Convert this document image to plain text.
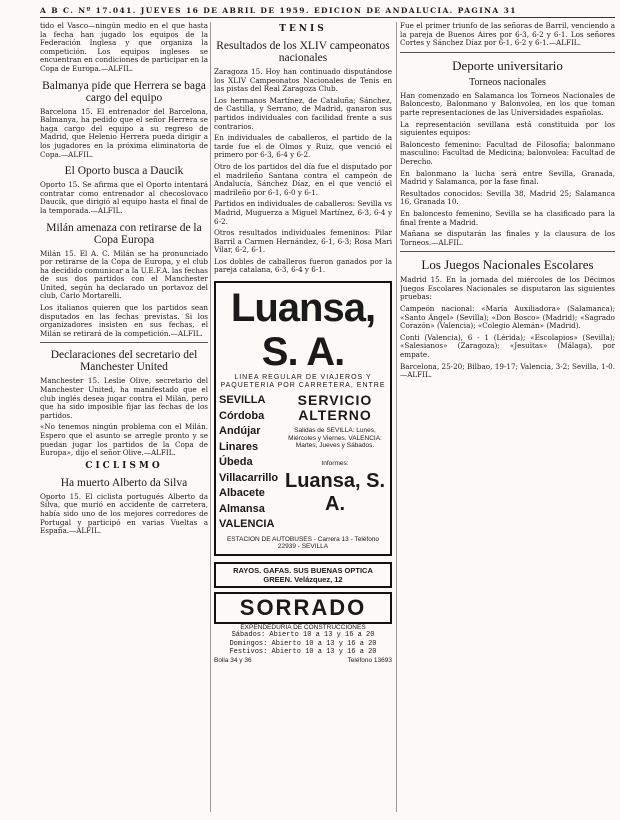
A B C. Nº 17.041. JUEVES 16 DE ABRIL DE 1959. EDICION DE ANDALUCIA. PAGINA 31

tido el Vasco—ningún medio en el que hasta la fecha han jugado los equipos de la Federación Inglesa y que organiza la competición. Los equipos ingleses se encuentran en condiciones de participar en la Copa de Europa.—ALFIL.

Balmanya pide que Herrera se baga cargo del equipo

Barcelona 15. El entrenador del Barcelona, Balmanya, ha pedido que el señor Herrera se haga cargo del equipo a su regreso de Madrid, que Helenio Herrera pueda dirigir a los jugadores en la próxima eliminatoria de Copa.—ALFIL.

El Oporto busca a Daucik

Oporto 15. Se afirma que el Oporto intentará contratar como entrenador al checoslovaco Daucik, que dirigió al equipo hasta el final de la temporada.—ALFIL.

Milán amenaza con retirarse de la Copa Europa

Milán 15. El A. C. Milán se ha pronunciado por retirarse de la Copa de Europa, y el club ha decidido comunicar a la U.E.F.A. las fechas de sus dos partidos con el Manchester United, según ha declarado un portavoz del club, Carlo Mortarelli.

Los italianos quieren que los partidos sean disputados en las fechas previstas. Si los organizadores insisten en sus fechas, el Milán se retirará de la competición.—ALFIL.

Declaraciones del secretario del Manchester United

Manchester 15. Leslie Olive, secretario del Manchester United, ha manifestado que el club inglés desea jugar contra el Milán, pero que ha sido imposible fijar las fechas de los partidos.

«No tenemos ningún problema con el Milán. Espero que el asunto se arregle pronto y se puedan jugar los partidos de la Copa de Europa», dijo el señor Olive.—ALFIL.

CICLISMO
Ha muerto Alberto da Silva

Oporto 15. El ciclista portugués Alberto da Silva, que murió en accidente de carretera, había sido uno de los mejores corredores de Portugal y participó en varias Vueltas a España.—ALFIL.

TENIS
Resultados de los XLIV campeonatos nacionales

Zaragoza 15. Hoy han continuado disputándose los XLIV Campeonatos Nacionales de Tenis en las pistas del Real Zaragoza Club.

Los hermanos Martínez, de Cataluña; Sánchez, de Castilla, y Serrano, de Madrid, ganaron sus partidos individuales con facilidad frente a sus contrarios.

En individuales de caballeros, el partido de la tarde fue el de Olmos y Ruiz, que venció el primero por 6-3, 6-4 y 6-2.

Otro de los partidos del día fue el disputado por el madrileño Santana contra el campeón de Andalucía, Sánchez Díaz, en el que venció el madrileño por 6-1, 6-0 y 6-1.

Partidos en individuales de caballeros: Sevilla vs Madrid, Muguerza a Miguel Martínez, 6-3, 6-4 y 6-2.

Otros resultados individuales femeninos: Pilar Barril a Carmen Hernández, 6-1, 6-3; Rosa Mari Vilar, 6-2, 6-1.

Los dobles de caballeros fueron ganados por la pareja catalana, 6-3, 6-4 y 6-1.

Luansa, S. A.
LINEA REGULAR DE VIAJEROS Y PAQUETERIA POR CARRETERA, ENTRE
SEVILLA
Córdoba
Andújar
Linares
Úbeda
Villacarrillo
Albacete
Almansa
VALENCIA
SERVICIO
ALTERNO
Salidas de SEVILLA: Lunes, Miércoles y Viernes. VALENCIA: Martes, Jueves y Sábados.
Informes:
Luansa, S. A.
ESTACION DE AUTOBUSES - Carrera 13 - Teléfono 22939 - SEVILLA
RAYOS. GAFAS. SUS BUENAS OPTICA GREEN. Velázquez, 12
SORRADO
EXPENDEDURIA DE CONSTRUCCIONES
Sábados: Abierto 10 a 13 y 16 a 20
Domingos: Abierto 10 a 13 y 16 a 20
Festivos: Abierto 10 a 13 y 16 a 20
Bolla 34 y 36	Teléfono 13693

Fue el primer triunfo de las señoras de Barril, venciendo a la pareja de Buenos Aires por 6-3, 6-2 y 6-1. Los señores Cortes y Sánchez Díaz por 6-1, 6-2 y 6-1.—ALFIL.

Deporte universitario
Torneos nacionales

Han comenzado en Salamanca los Torneos Nacionales de Baloncesto, Balonmano y Balonvolea, en los que toman parte representaciones de las Universidades españolas.

La representación sevillana está constituida por los siguientes equipos:

Baloncesto femenino: Facultad de Filosofía; balonmano masculino: Facultad de Medicina; balonvolea: Facultad de Derecho.

En balonmano la lucha será entre Sevilla, Granada, Madrid y Salamanca, por la fase final.

Resultados conocidos: Sevilla 38, Madrid 25; Salamanca 16, Granada 10.

En baloncesto femenino, Sevilla se ha clasificado para la final frente a Madrid.

Mañana se disputarán las finales y la clausura de los Torneos.—ALFIL.

Los Juegos Nacionales Escolares

Madrid 15. En la jornada del miércoles de los Décimos Juegos Escolares Nacionales se disputaron las siguientes pruebas:

Campeón nacional: «María Auxiliadora» (Salamanca); «Santo Ángel» (Sevilla); «Don Bosco» (Madrid); «Sagrado Corazón» (Valencia); «Colegio Alemán» (Madrid).

Conti (Valencia), 6 - 1 (Lérida); «Escolapios» (Sevilla); «Salesianos» (Zaragoza); «Jesuitas» (Málaga), por empate.

Barcelona, 25-20; Bilbao, 19-17; Valencia, 3-2; Sevilla, 1-0.—ALFIL.
